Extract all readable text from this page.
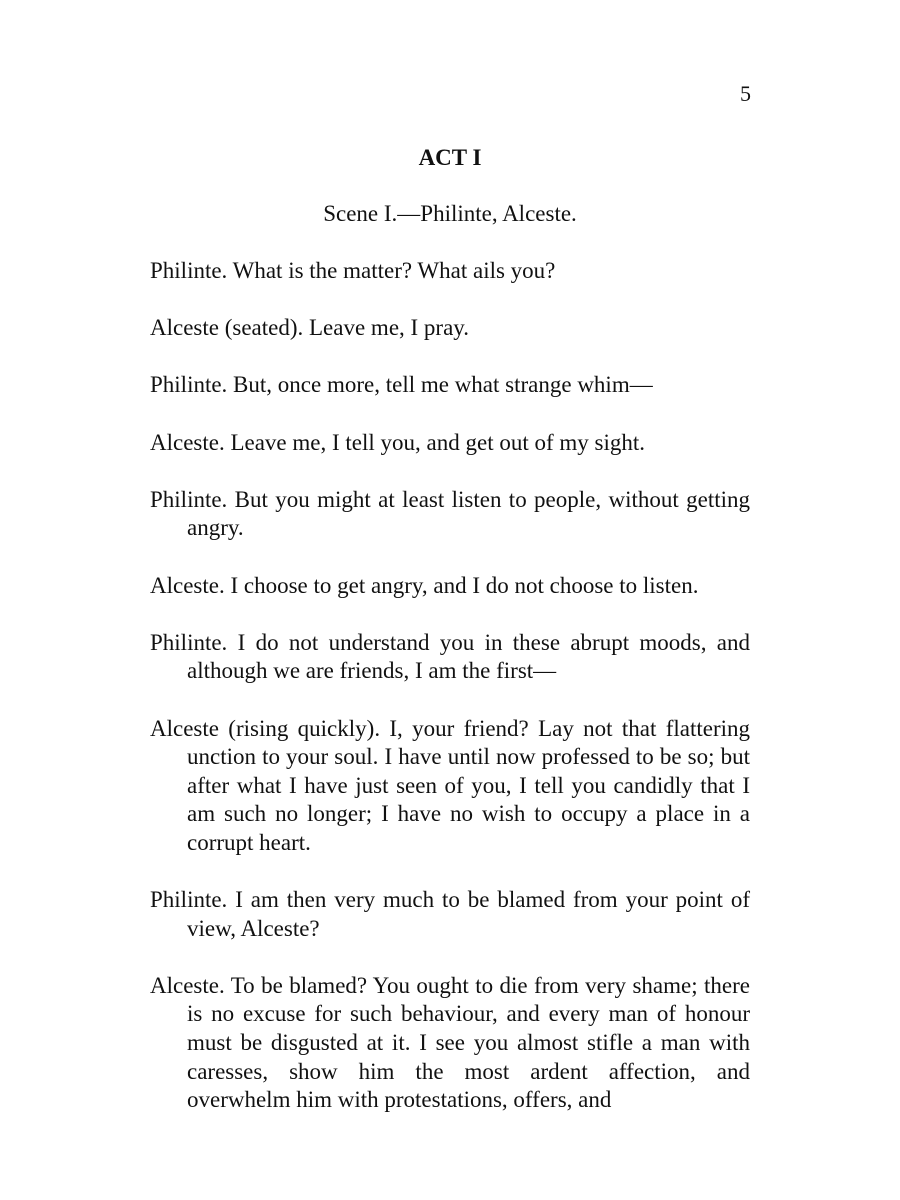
5
ACT I
Scene I.—Philinte, Alceste.

Philinte. What is the matter? What ails you?

Alceste (seated). Leave me, I pray.

Philinte. But, once more, tell me what strange whim—

Alceste. Leave me, I tell you, and get out of my sight.

Philinte. But you might at least listen to people, without getting angry.

Alceste. I choose to get angry, and I do not choose to listen.

Philinte. I do not understand you in these abrupt moods, and although we are friends, I am the first—

Alceste (rising quickly). I, your friend? Lay not that flattering unction to your soul. I have until now professed to be so; but after what I have just seen of you, I tell you candidly that I am such no longer; I have no wish to occupy a place in a corrupt heart.

Philinte. I am then very much to be blamed from your point of view, Alceste?

Alceste. To be blamed? You ought to die from very shame; there is no excuse for such behaviour, and every man of honour must be disgusted at it. I see you almost stifle a man with caresses, show him the most ardent affection, and overwhelm him with protestations, offers, and
